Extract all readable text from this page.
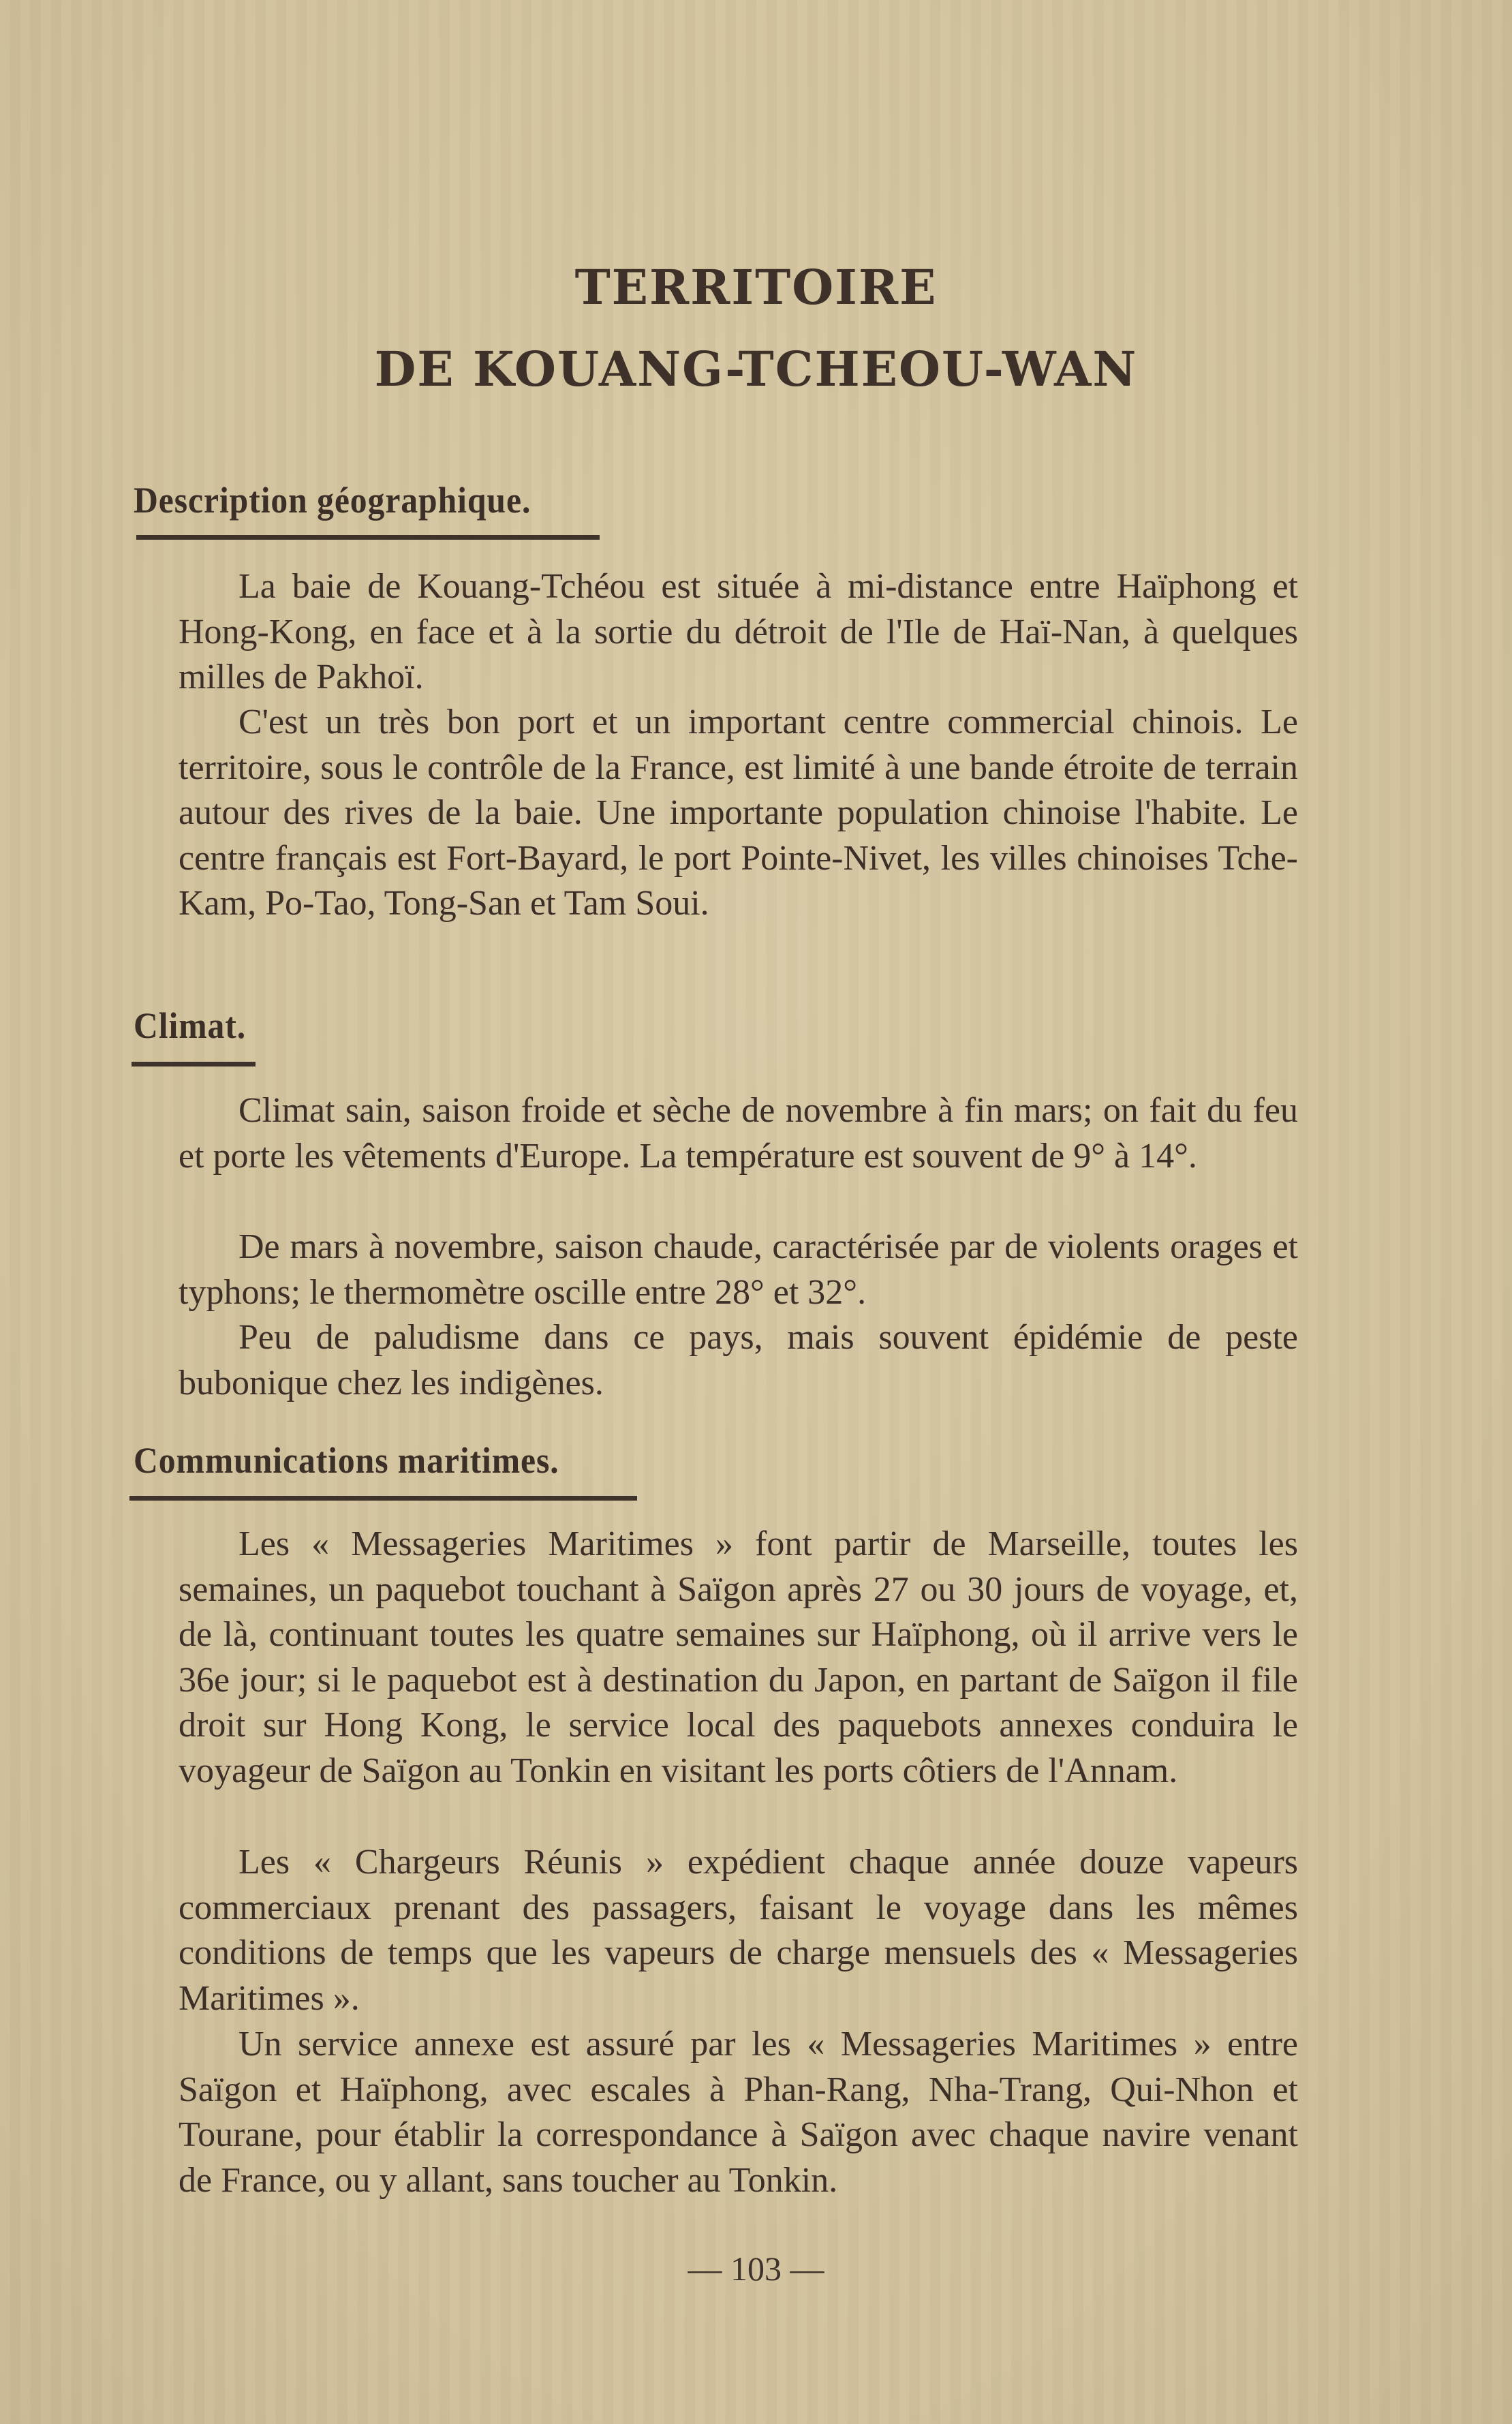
TERRITOIRE
DE KOUANG-TCHEOU-WAN
Description géographique.

La baie de Kouang-Tchéou est située à mi-distance entre Haïphong et Hong-Kong, en face et à la sortie du détroit de l'Ile de Haï-Nan, à quelques milles de Pakhoï.

C'est un très bon port et un important centre commercial chinois. Le territoire, sous le contrôle de la France, est limité à une bande étroite de terrain autour des rives de la baie. Une importante population chinoise l'habite. Le centre français est Fort-Bayard, le port Pointe-Nivet, les villes chinoises Tche-Kam, Po-Tao, Tong-San et Tam Soui.

Climat.

Climat sain, saison froide et sèche de novembre à fin mars; on fait du feu et porte les vêtements d'Europe. La température est souvent de 9° à 14°.

De mars à novembre, saison chaude, caractérisée par de violents orages et typhons; le thermomètre oscille entre 28° et 32°.

Peu de paludisme dans ce pays, mais souvent épidémie de peste bubonique chez les indigènes.

Communications maritimes.

Les « Messageries Maritimes » font partir de Marseille, toutes les semaines, un paquebot touchant à Saïgon après 27 ou 30 jours de voyage, et, de là, continuant toutes les quatre semaines sur Haïphong, où il arrive vers le 36e jour; si le paquebot est à destination du Japon, en partant de Saïgon il file droit sur Hong Kong, le service local des paquebots annexes conduira le voyageur de Saïgon au Tonkin en visitant les ports côtiers de l'Annam.

Les « Chargeurs Réunis » expédient chaque année douze vapeurs commerciaux prenant des passagers, faisant le voyage dans les mêmes conditions de temps que les vapeurs de charge mensuels des « Messageries Maritimes ».

Un service annexe est assuré par les « Messageries Maritimes » entre Saïgon et Haïphong, avec escales à Phan-Rang, Nha-Trang, Qui-Nhon et Tourane, pour établir la correspondance à Saïgon avec chaque navire venant de France, ou y allant, sans toucher au Tonkin.

— 103 —
